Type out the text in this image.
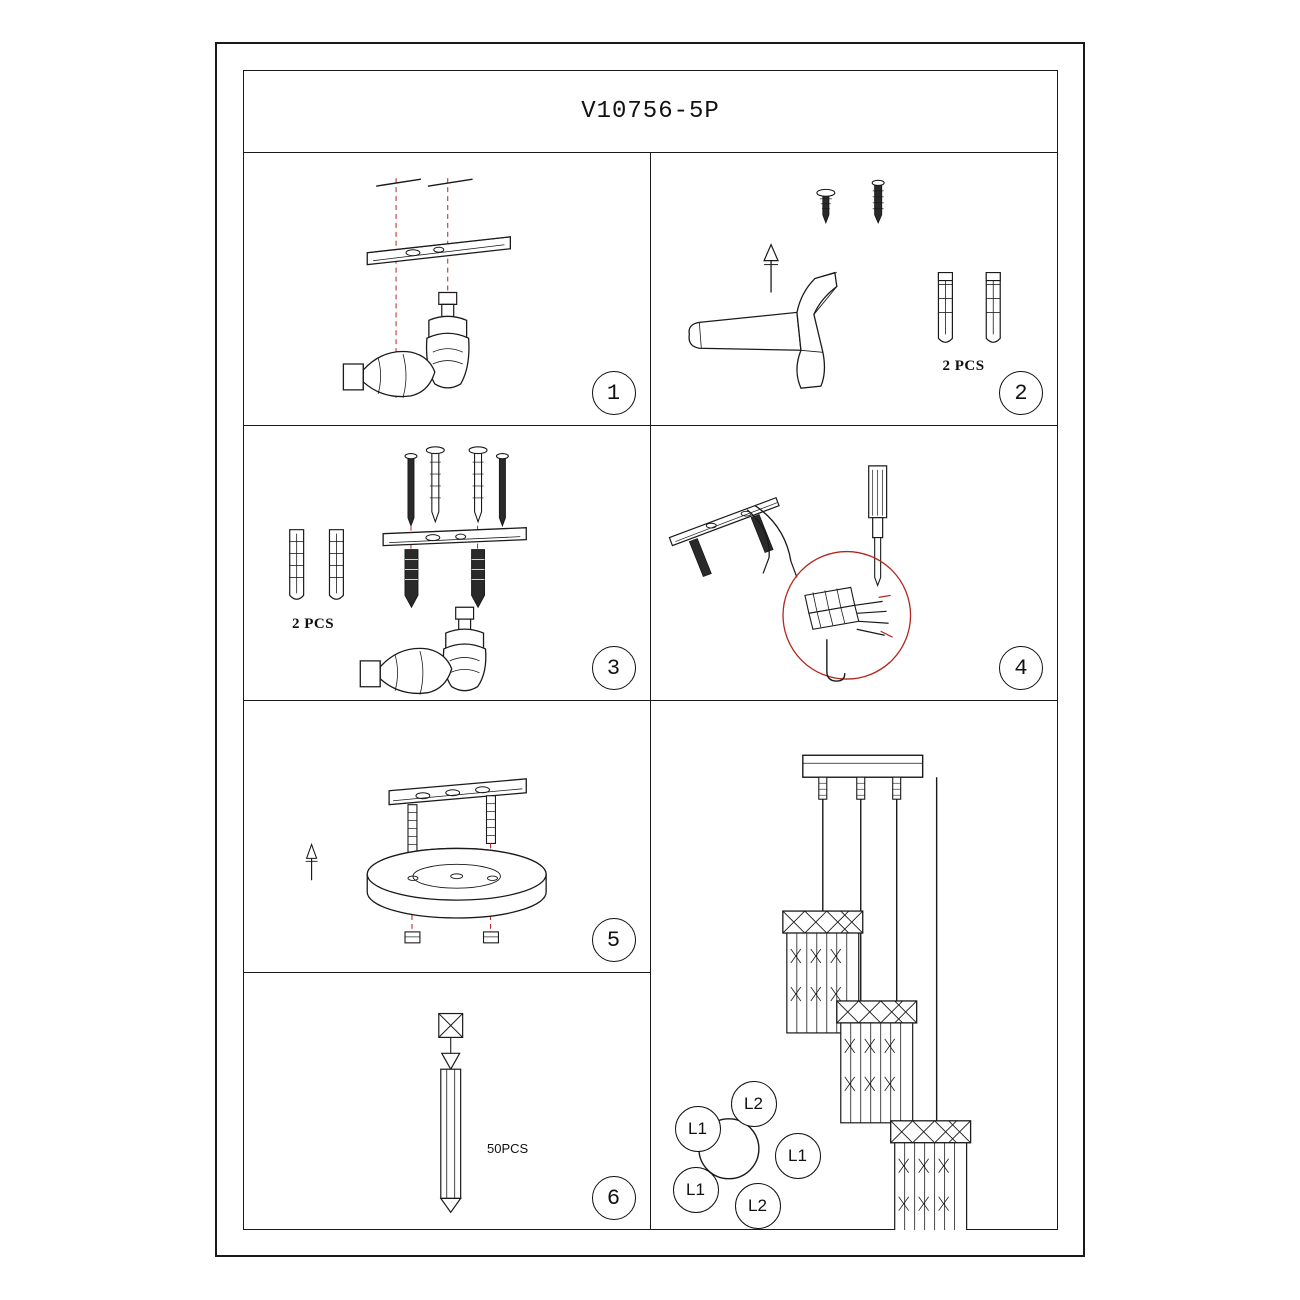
V10756-5P
1
2 PCS
2
2 PCS
3	4
5
50PCS
6
L1
L2
L1
L2
L1
